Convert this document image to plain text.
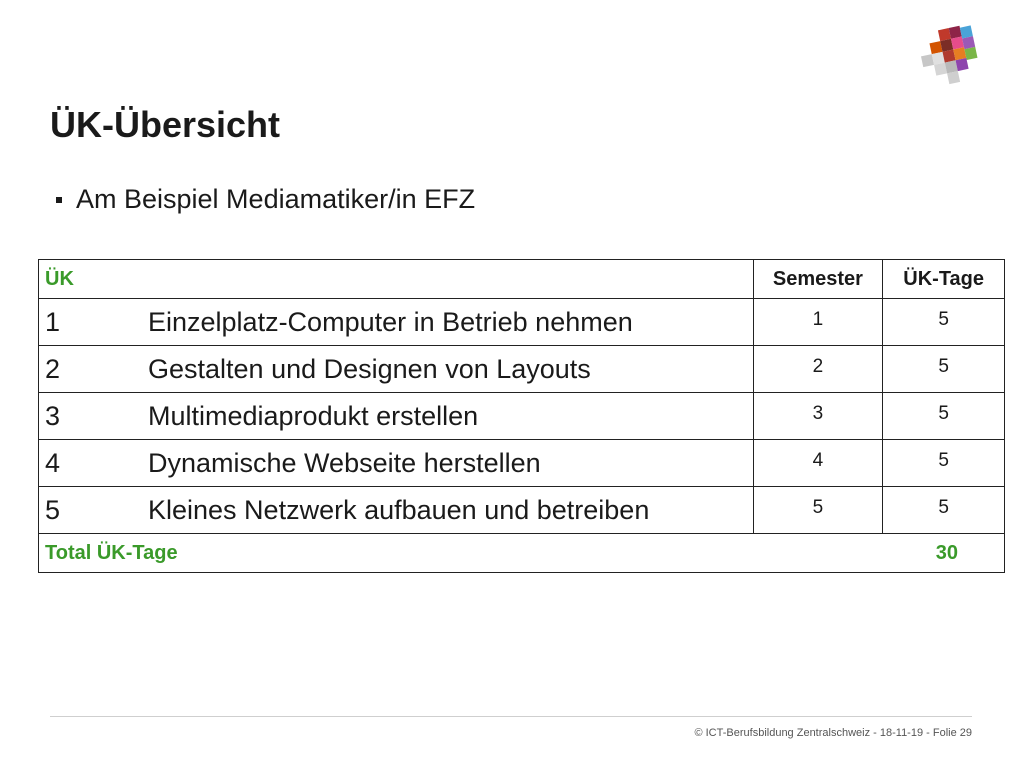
ÜK-Übersicht
Am Beispiel Mediamatiker/in EFZ
ÜK	Semester	ÜK-Tage
1 Einzelplatz-Computer in Betrieb nehmen	1	5
2 Gestalten und Designen von Layouts	2	5
3 Multimediaprodukt erstellen	3	5
4 Dynamische Webseite herstellen	4	5
5 Kleines Netzwerk aufbauen und betreiben	5	5

Total ÜK-Tage 30		
© ICT-Berufsbildung Zentralschweiz - 18-11-19 - Folie 29
